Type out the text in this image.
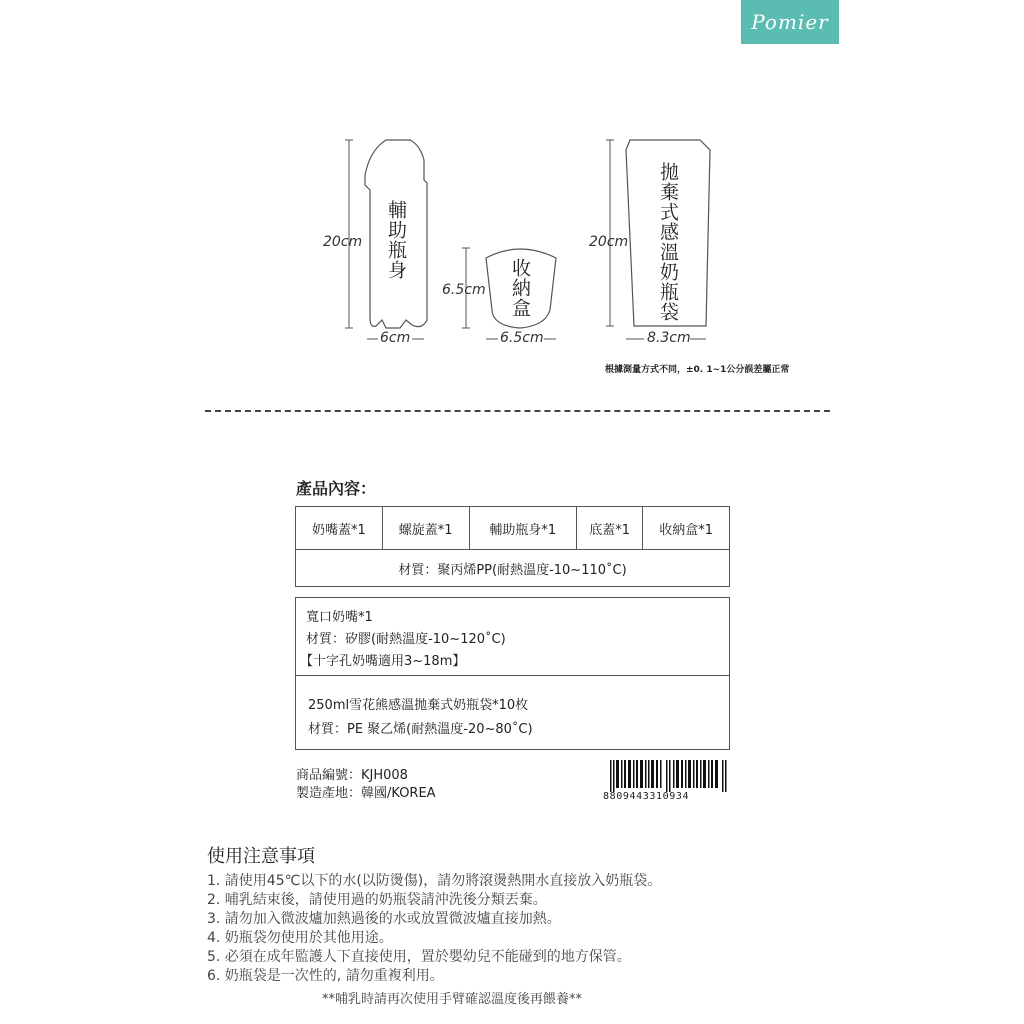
Pomier
輔助瓶身
收納盒	拋棄式感溫奶瓶袋
20cm
6cm
6.5cm
6.5cm
20cm
8.3cm
根據測量方式不同，±0. 1~1公分誤差屬正常
產品內容：
奶嘴蓋*1	螺旋蓋*1	輔助瓶身*1	底蓋*1	收納盒*1
材質：聚丙烯PP(耐熱溫度-10~110˚C)
寬口奶嘴*1
材質：矽膠(耐熱溫度-10~120˚C)
【十字孔奶嘴適用3~18m】
250ml雪花熊感溫拋棄式奶瓶袋*10枚
材質：PE 聚乙烯(耐熱溫度-20~80˚C)
商品編號：KJH008
製造產地：韓國/KOREA	8809443310934
使用注意事項
1. 請使用45℃以下的水(以防燙傷)，請勿將滾燙熱開水直接放入奶瓶袋。
2. 哺乳結束後，請使用過的奶瓶袋請沖洗後分類丟棄。
3. 請勿加入微波爐加熱過後的水或放置微波爐直接加熱。
4. 奶瓶袋勿使用於其他用途。
5. 必須在成年監護人下直接使用，置於嬰幼兒不能碰到的地方保管。
6. 奶瓶袋是一次性的, 請勿重複利用。
**哺乳時請再次使用手臂確認溫度後再餵養**
